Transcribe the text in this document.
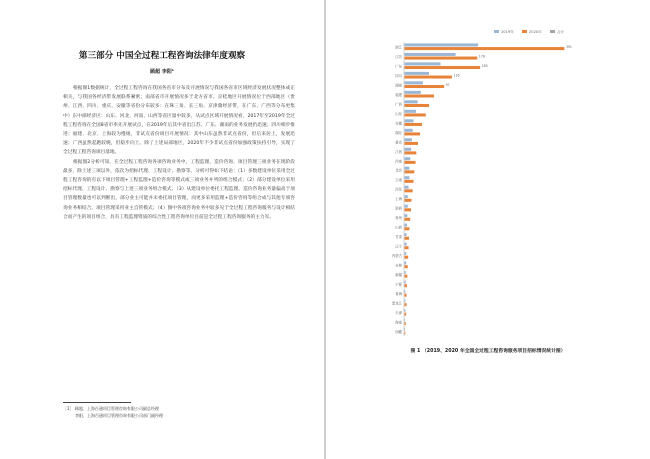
第三部分 中国全过程工程咨询法律年度观察
顾超 李阳¹

根据图1数据统计，全过程工程咨询在我国各省市分布及开展情况与我国各省市区域经济发展状况整体成正相关，与我国各经济带发展联系紧密；南部省市开展情况多于北方省市。京桂地区开展情况位于西部地区（贵州、江西、四川、重庆、安徽等省份分布较多：在珠三角、长三角、京津冀经济带，在广东、广西等分布更集中）东中部经济区：山东、河北、河南、山西等省区量中较多，从试点区域开展情况看，2017年至2019年全过程工程咨询在全国8省市率先开展试点，在2019年后其中省出江苏、广东、湖南的业务发展仍迅速；四川相步推进；福建、北京、上海较为慢缓，非试点省份项目开展情况：其中山东虽然非试点省份，但后来居上，发展迅速；广西虽然起跑较晚，但稳步向上。除了上述局部地区，2020年不少非试点省份加强政策扶持引导，实现了全过程工程咨询项目落地。

根据图2分析可知，在全过程工程咨询各项咨询业务中，工程监理、造价咨询、项目管理三项业务在现阶段最多，除上述三项以外，依次为招标代理、工程设计、勘察等。分析可得如下结论：（1）多数建设单位采用全过程工程咨询的有以下项目管理+工程监理+造价咨询等模式或三项业务并列的组合模式；（2）部分建设单位采用招标代理、工程设计、勘察与上述三项业务组合模式；（3）从建设单位委托工程监理、造价咨询业务量偏高于项目管理数量也可以判断出，部分业主可能并未委托项目管理，而更多采用监理+造价咨询等组合成与其他专项咨询业务相结合，项目管理采用业主自管模式；（4）图中各项咨询业务中较多见于全过程工程咨询服务与设计相结合而产生的项目组合，具有工程监理资质的综合性工程咨询单位目前是全过程工程咨询服务的主力军。

［1］ 顾超，上海百通项目管理咨询有限公司副总经理
李阳，上海百通项目管理咨询有限公司部门副经理
2019年	2020年	合计
浙江	391
江苏	178
广东	185
四川	116
湖南	97
福建
广西
山东
安徽
湖北
重庆
江西
河南
北京
云南
河北
上海
陕西
贵州
山西
甘肃
辽宁
内蒙古
吉林
新疆
宁夏
青海
黑龙江
天津
海南
西藏
图 1 （2019、2020 年全国全过程工程咨询服务项目招标情况统计图）
